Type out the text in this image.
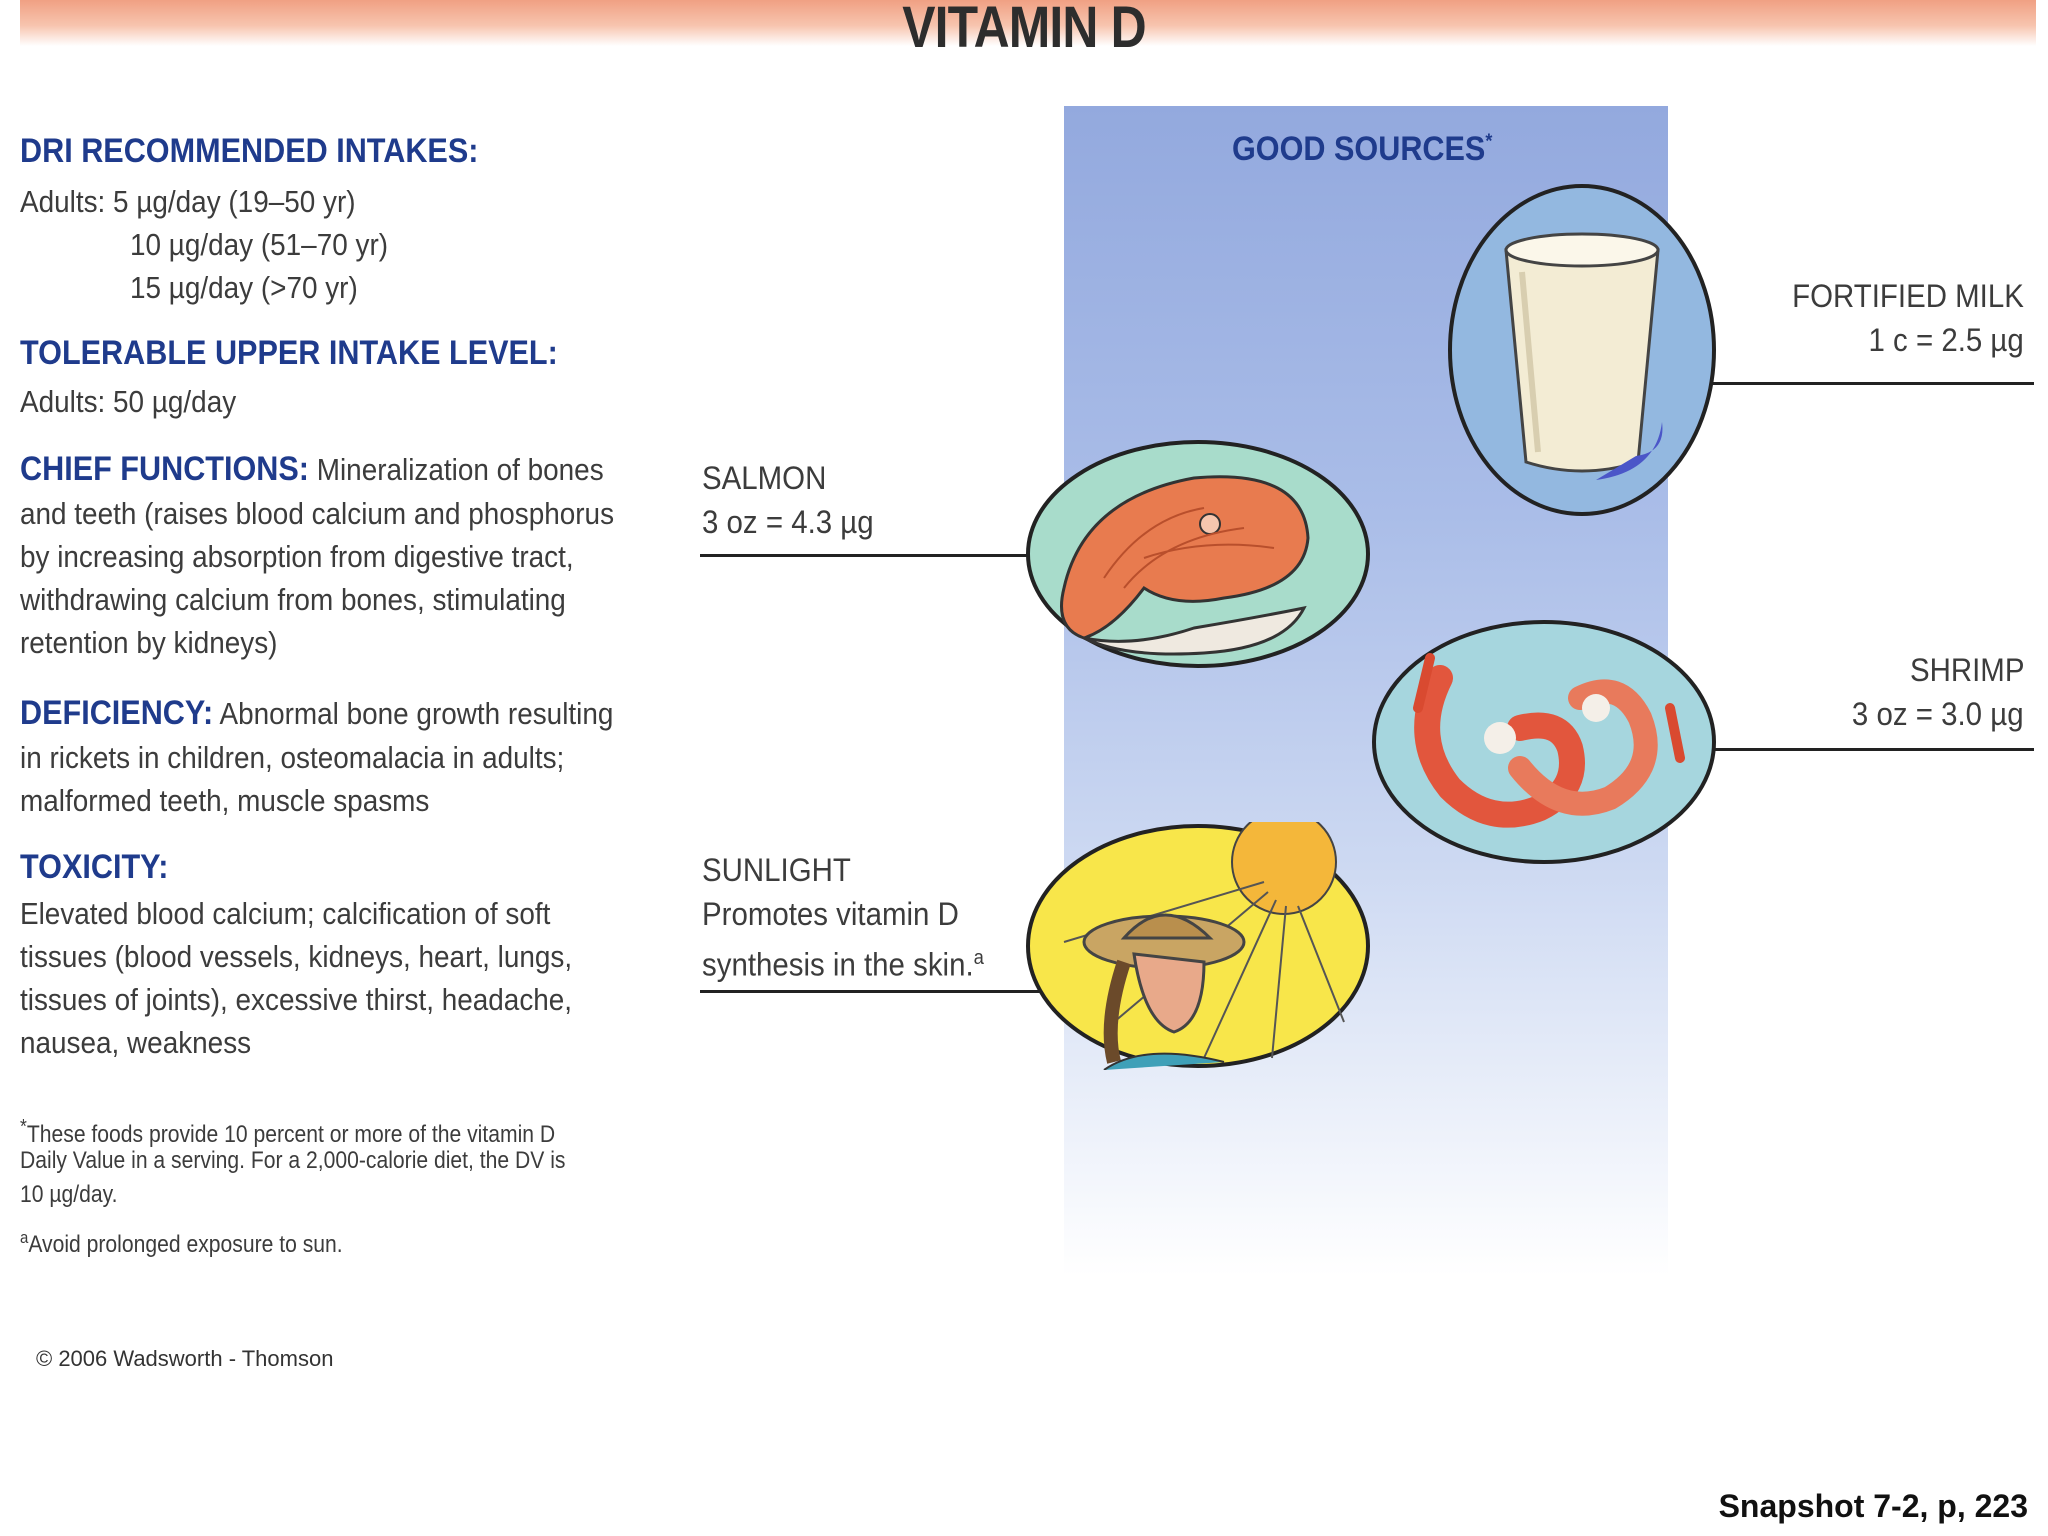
VITAMIN D
DRI RECOMMENDED INTAKES:
Adults: 5 µg/day (19–50 yr)
10 µg/day (51–70 yr)
15 µg/day (>70 yr)
TOLERABLE UPPER INTAKE LEVEL:
Adults: 50 µg/day
CHIEF FUNCTIONS: Mineralization of bones
and teeth (raises blood calcium and phosphorus
by increasing absorption from digestive tract,
withdrawing calcium from bones, stimulating
retention by kidneys)
DEFICIENCY: Abnormal bone growth resulting
in rickets in children, osteomalacia in adults;
malformed teeth, muscle spasms
TOXICITY:
Elevated blood calcium; calcification of soft
tissues (blood vessels, kidneys, heart, lungs,
tissues of joints), excessive thirst, headache,
nausea, weakness
*These foods provide 10 percent or more of the vitamin D
Daily Value in a serving. For a 2,000-calorie diet, the DV is
10 µg/day.
$^a$Avoid prolonged exposure to sun.
© 2006 Wadsworth - Thomson
GOOD SOURCES*
FORTIFIED MILK
1 c = 2.5 µg
SALMON
3 oz = 4.3 µg
SHRIMP
3 oz = 3.0 µg
SUNLIGHT
Promotes vitamin D
synthesis in the skin.$^a$
Snapshot 7-2, p, 223
